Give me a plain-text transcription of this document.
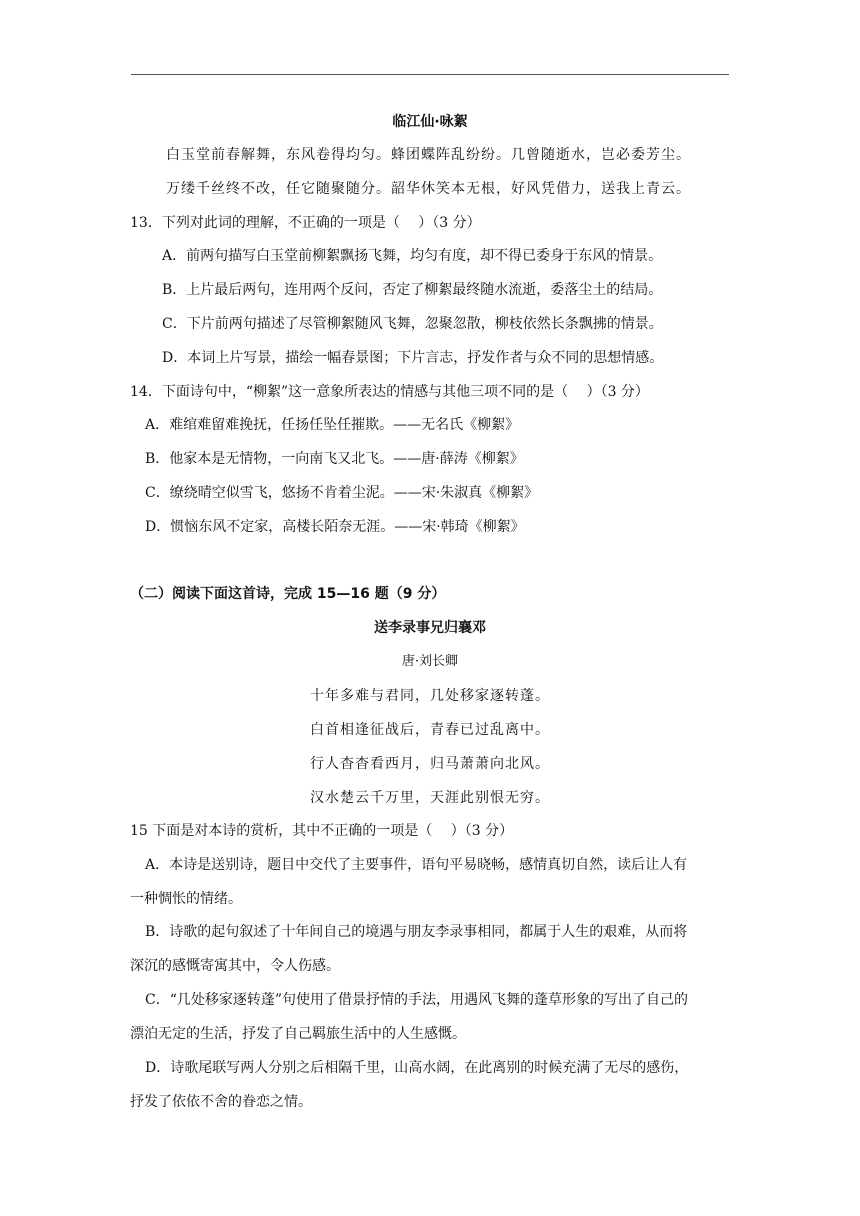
临江仙·咏絮
白玉堂前春解舞，东风卷得均匀。蜂团蝶阵乱纷纷。几曾随逝水，岂必委芳尘。
万缕千丝终不改，任它随聚随分。韶华休笑本无根，好风凭借力，送我上青云。
13．下列对此词的理解，不正确的一项是（　 ）（3 分）
A．前两句描写白玉堂前柳絮飘扬飞舞，均匀有度，却不得已委身于东风的情景。
B．上片最后两句，连用两个反问，否定了柳絮最终随水流逝，委落尘土的结局。
C．下片前两句描述了尽管柳絮随风飞舞，忽聚忽散，柳枝依然长条飘拂的情景。
D．本词上片写景，描绘一幅春景图；下片言志，抒发作者与众不同的思想情感。
14．下面诗句中，“柳絮”这一意象所表达的情感与其他三项不同的是（　 ）（3 分）
A．难绾难留难挽抚，任扬任坠任摧欺。——无名氏《柳絮》
B．他家本是无情物，一向南飞又北飞。——唐·薛涛《柳絮》
C．缭绕晴空似雪飞，悠扬不肯着尘泥。——宋·朱淑真《柳絮》
D．惯恼东风不定家，高楼长陌奈无涯。——宋·韩琦《柳絮》
（二）阅读下面这首诗，完成 15—16 题（9 分）
送李录事兄归襄邓
唐·刘长卿
十年多难与君同，几处移家逐转蓬。
白首相逢征战后，青春已过乱离中。
行人杳杳看西月，归马萧萧向北风。
汉水楚云千万里，天涯此别恨无穷。
15 下面是对本诗的赏析，其中不正确的一项是（　 ）（3 分）
A．本诗是送别诗，题目中交代了主要事件，语句平易晓畅，感情真切自然，读后让人有
一种惆怅的情绪。
B．诗歌的起句叙述了十年间自己的境遇与朋友李录事相同，都属于人生的艰难，从而将
深沉的感慨寄寓其中，令人伤感。
C．“几处移家逐转蓬”句使用了借景抒情的手法，用遇风飞舞的蓬草形象的写出了自己的
漂泊无定的生活，抒发了自己羁旅生活中的人生感慨。
D．诗歌尾联写两人分别之后相隔千里，山高水阔，在此离别的时候充满了无尽的感伤，
抒发了依依不舍的眷恋之情。
